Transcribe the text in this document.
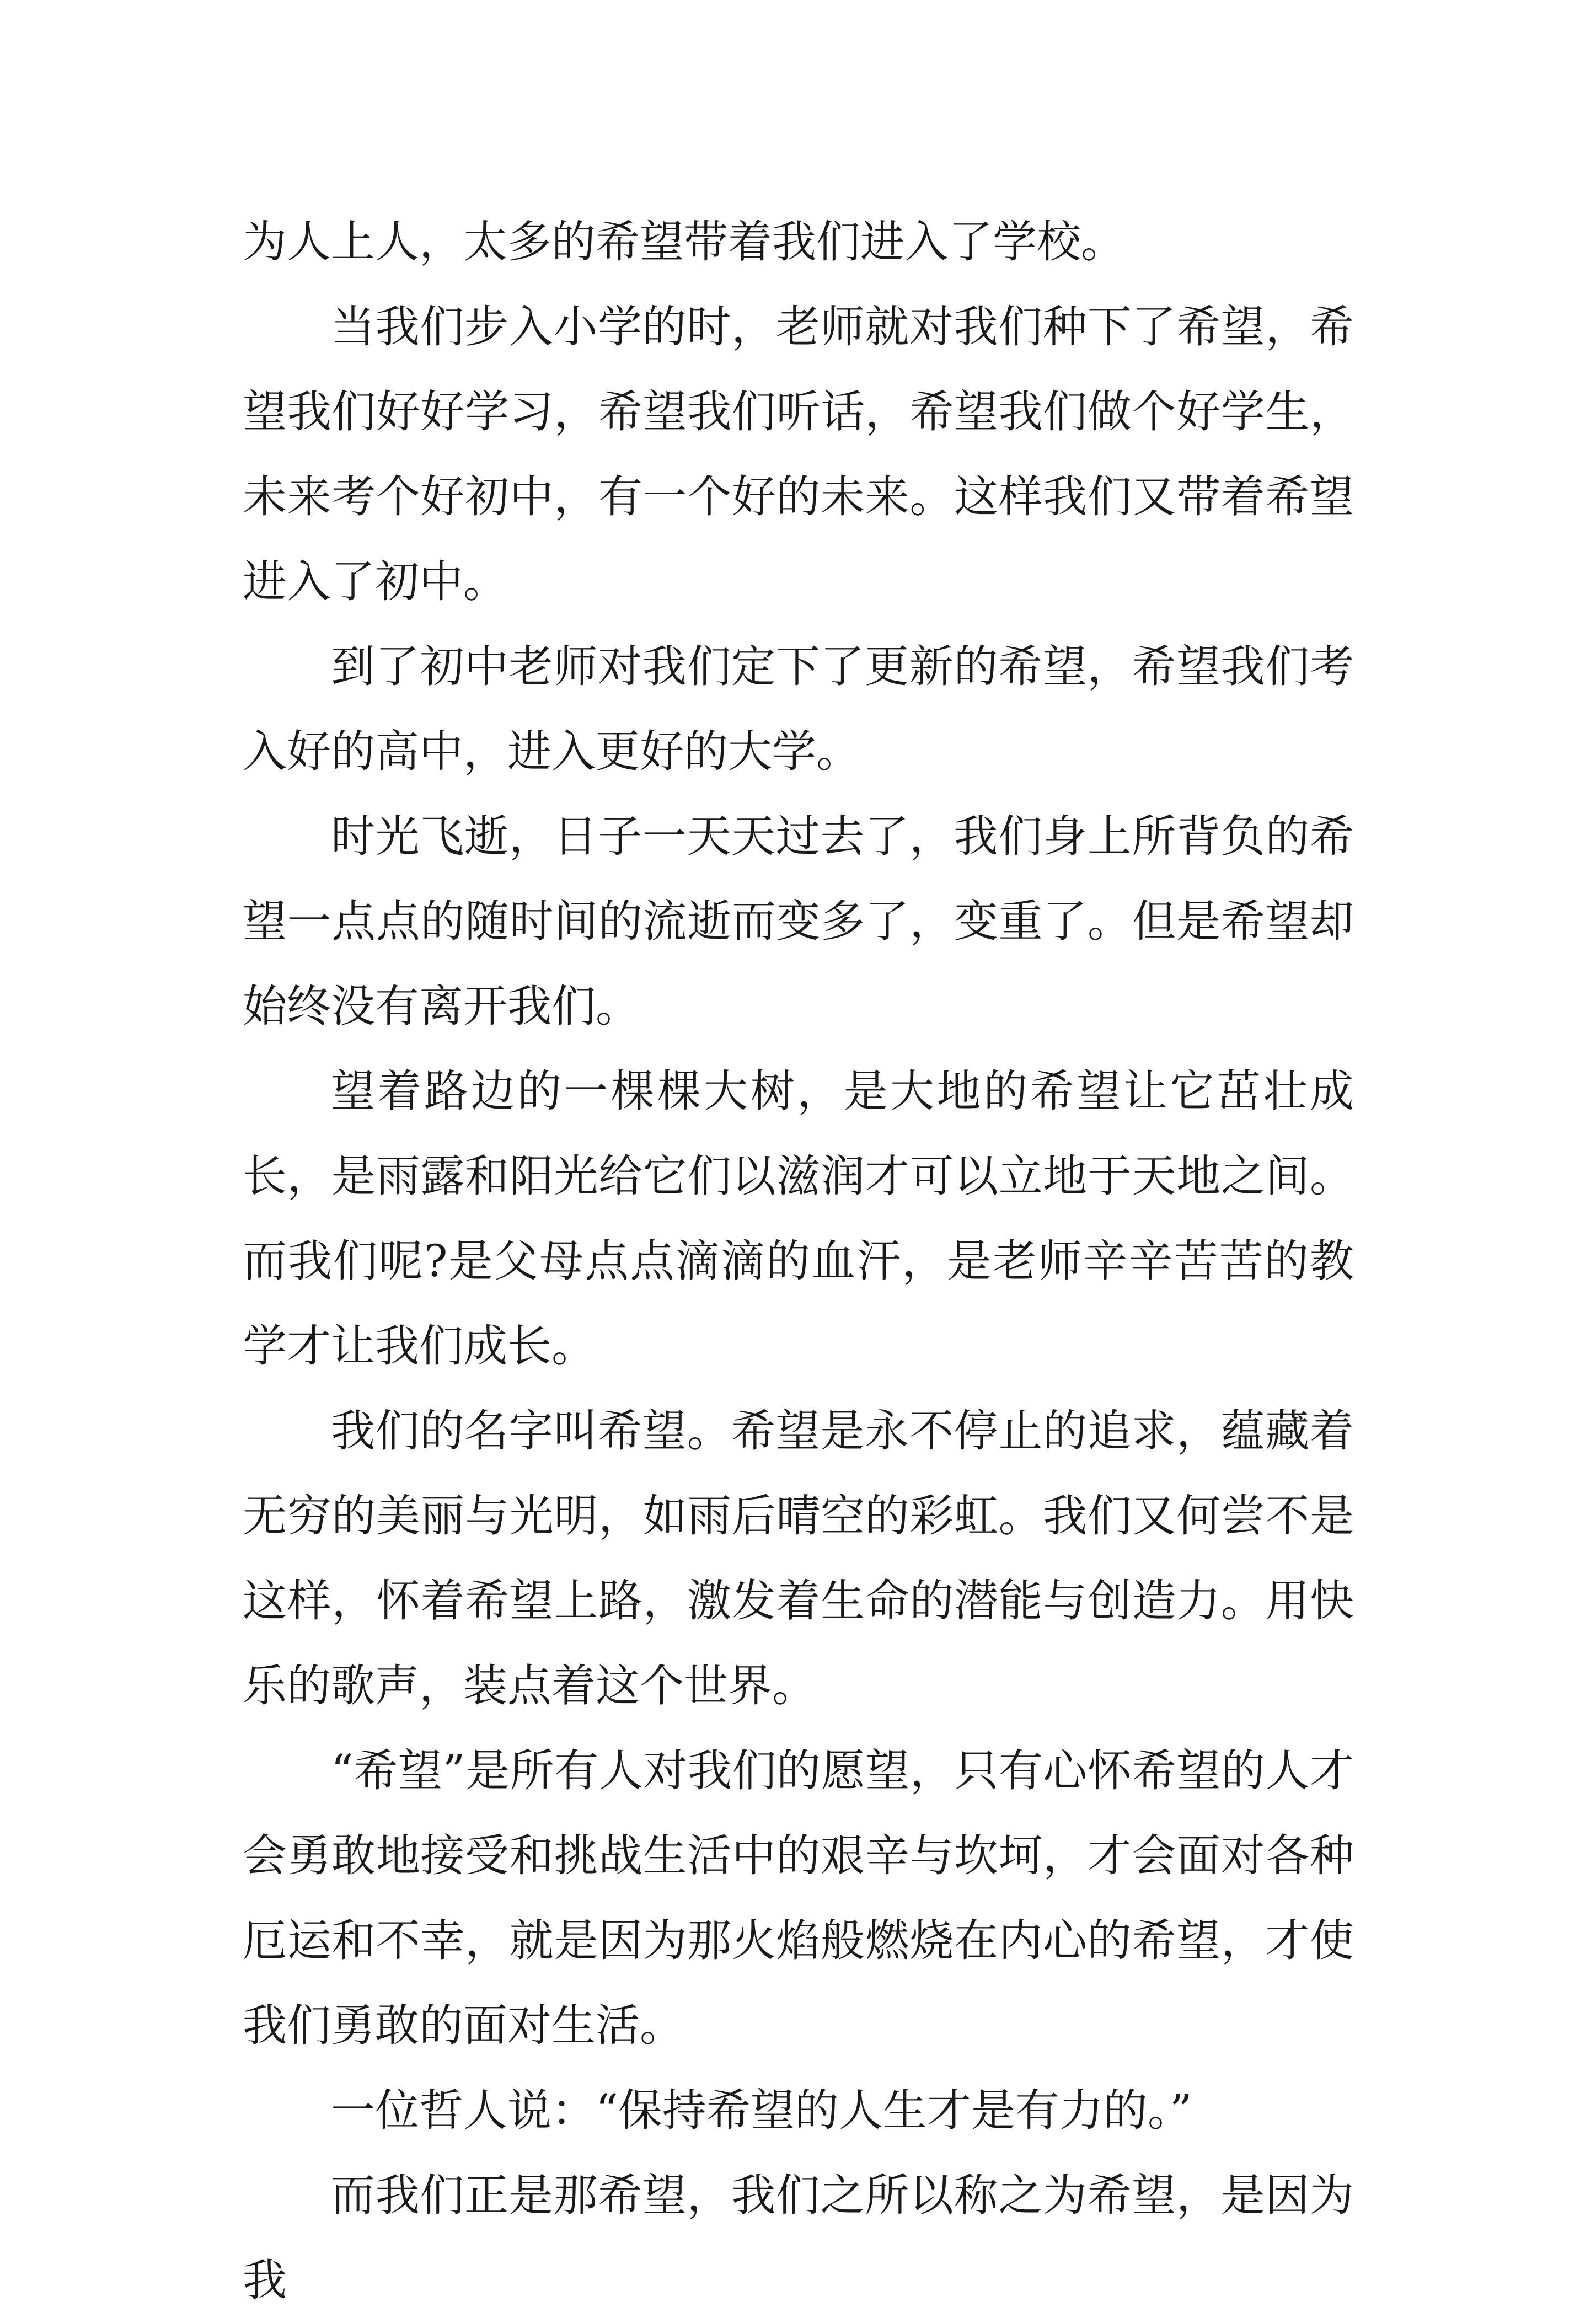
为人上人，太多的希望带着我们进入了学校。

当我们步入小学的时，老师就对我们种下了希望，希望我们好好学习，希望我们听话，希望我们做个好学生，未来考个好初中，有一个好的未来。这样我们又带着希望进入了初中。

到了初中老师对我们定下了更新的希望，希望我们考入好的高中，进入更好的大学。

时光飞逝，日子一天天过去了，我们身上所背负的希望一点点的随时间的流逝而变多了，变重了。但是希望却始终没有离开我们。

望着路边的一棵棵大树，是大地的希望让它茁壮成长，是雨露和阳光给它们以滋润才可以立地于天地之间。而我们呢?是父母点点滴滴的血汗，是老师辛辛苦苦的教学才让我们成长。

我们的名字叫希望。希望是永不停止的追求，蕴藏着无穷的美丽与光明，如雨后晴空的彩虹。我们又何尝不是这样，怀着希望上路，激发着生命的潜能与创造力。用快乐的歌声，装点着这个世界。

“希望”是所有人对我们的愿望，只有心怀希望的人才会勇敢地接受和挑战生活中的艰辛与坎坷，才会面对各种厄运和不幸，就是因为那火焰般燃烧在内心的希望，才使我们勇敢的面对生活。

一位哲人说：“保持希望的人生才是有力的。”

而我们正是那希望，我们之所以称之为希望，是因为我
